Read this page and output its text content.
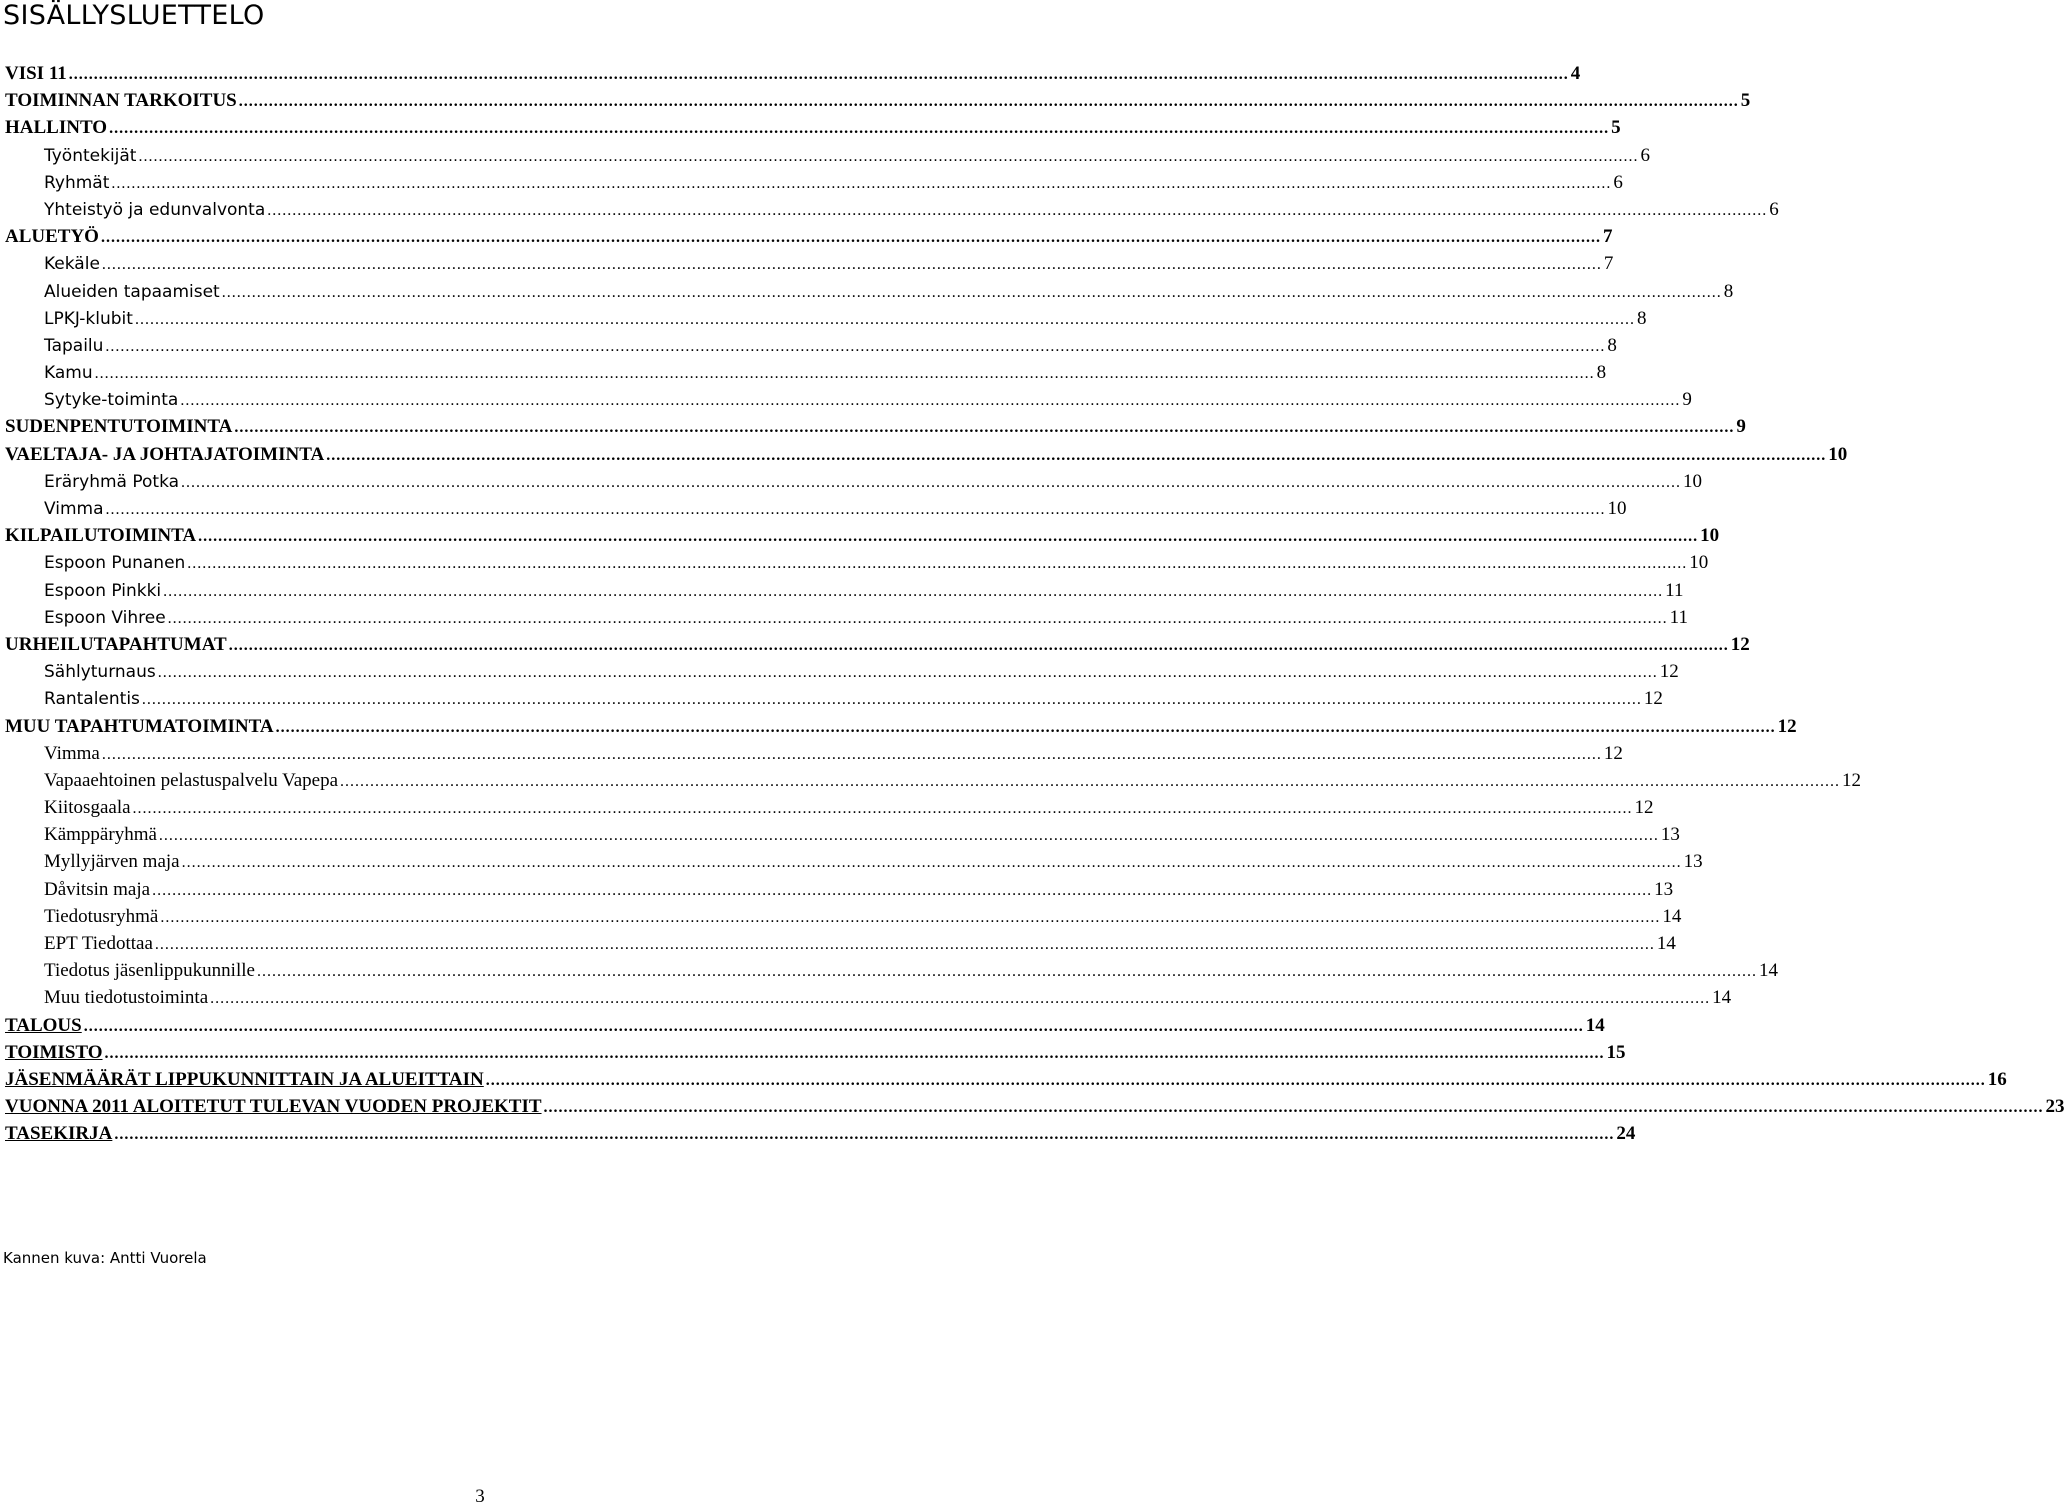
SISÄLLYSLUETTELO
VISI 11 ............................................................................................................................................................................................................................................................................................................ 4
TOIMINNAN TARKOITUS ............................................................................................................................................................................................................................................................................................................ 5
HALLINTO ............................................................................................................................................................................................................................................................................................................ 5
Työntekijät ............................................................................................................................................................................................................................................................................................................ 6
Ryhmät ............................................................................................................................................................................................................................................................................................................ 6
Yhteistyö ja edunvalvonta ............................................................................................................................................................................................................................................................................................................ 6
ALUETYÖ ............................................................................................................................................................................................................................................................................................................ 7
Kekäle ............................................................................................................................................................................................................................................................................................................ 7
Alueiden tapaamiset ............................................................................................................................................................................................................................................................................................................ 8
LPKJ-klubit ............................................................................................................................................................................................................................................................................................................ 8
Tapailu ............................................................................................................................................................................................................................................................................................................ 8
Kamu ............................................................................................................................................................................................................................................................................................................ 8
Sytyke-toiminta ............................................................................................................................................................................................................................................................................................................ 9
SUDENPENTUTOIMINTA ............................................................................................................................................................................................................................................................................................................ 9
VAELTAJA- JA JOHTAJATOIMINTA ............................................................................................................................................................................................................................................................................................................ 10
Eräryhmä Potka ............................................................................................................................................................................................................................................................................................................ 10
Vimma ............................................................................................................................................................................................................................................................................................................ 10
KILPAILUTOIMINTA ............................................................................................................................................................................................................................................................................................................ 10
Espoon Punanen ............................................................................................................................................................................................................................................................................................................ 10
Espoon Pinkki ............................................................................................................................................................................................................................................................................................................ 11
Espoon Vihree ............................................................................................................................................................................................................................................................................................................ 11
URHEILUTAPAHTUMAT ............................................................................................................................................................................................................................................................................................................ 12
Sählyturnaus ............................................................................................................................................................................................................................................................................................................ 12
Rantalentis ............................................................................................................................................................................................................................................................................................................ 12
MUU TAPAHTUMATOIMINTA ............................................................................................................................................................................................................................................................................................................ 12
Vimma ............................................................................................................................................................................................................................................................................................................ 12
Vapaaehtoinen pelastuspalvelu Vapepa ............................................................................................................................................................................................................................................................................................................ 12
Kiitosgaala ............................................................................................................................................................................................................................................................................................................ 12
Kämppäryhmä ............................................................................................................................................................................................................................................................................................................ 13
Myllyjärven maja ............................................................................................................................................................................................................................................................................................................ 13
Dåvitsin maja ............................................................................................................................................................................................................................................................................................................ 13
Tiedotusryhmä ............................................................................................................................................................................................................................................................................................................ 14
EPT Tiedottaa ............................................................................................................................................................................................................................................................................................................ 14
Tiedotus jäsenlippukunnille ............................................................................................................................................................................................................................................................................................................ 14
Muu tiedotustoiminta ............................................................................................................................................................................................................................................................................................................ 14
TALOUS ............................................................................................................................................................................................................................................................................................................ 14
TOIMISTO ............................................................................................................................................................................................................................................................................................................ 15
JÄSENMÄÄRÄT LIPPUKUNNITTAIN JA ALUEITTAIN ............................................................................................................................................................................................................................................................................................................ 16
VUONNA 2011 ALOITETUT TULEVAN VUODEN PROJEKTIT ............................................................................................................................................................................................................................................................................................................ 23
TASEKIRJA ............................................................................................................................................................................................................................................................................................................ 24
Kannen kuva: Antti Vuorela
3
